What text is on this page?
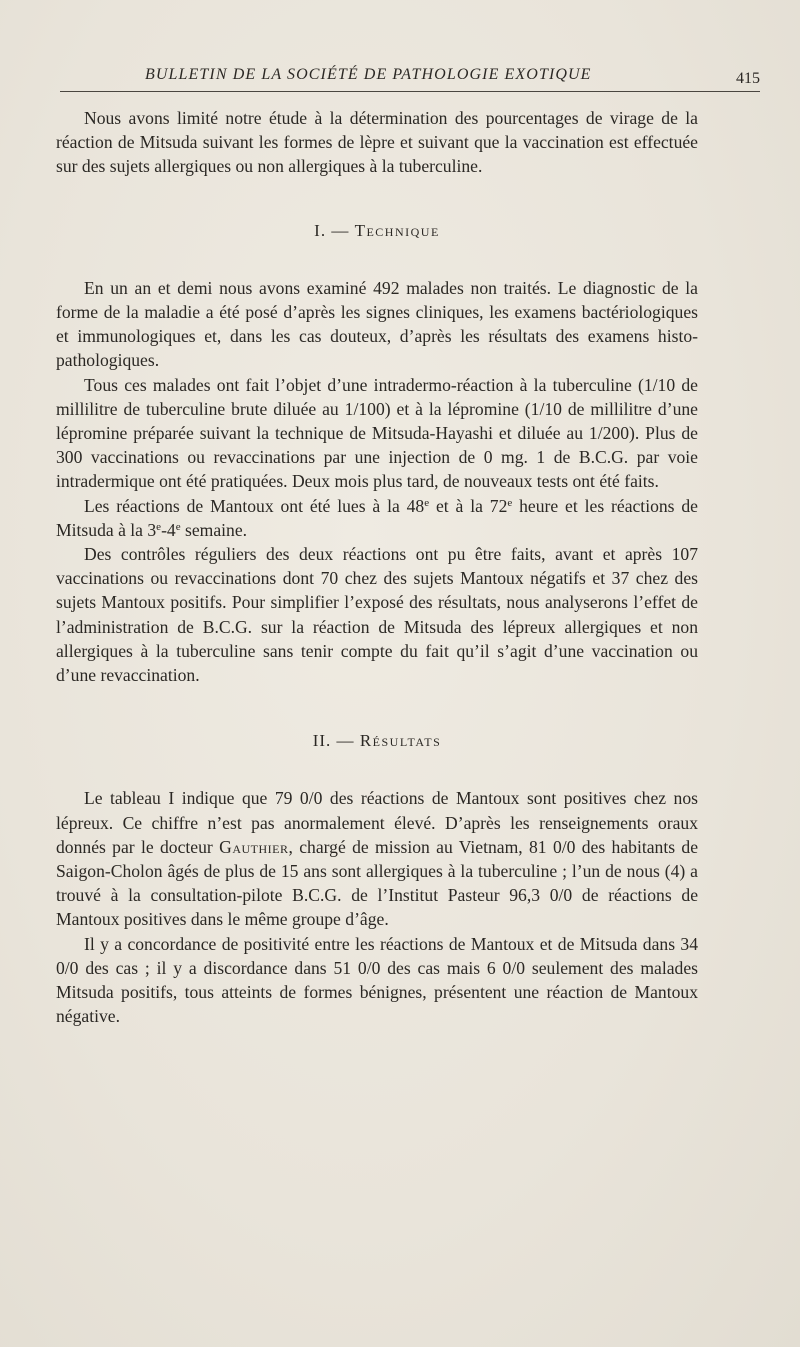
BULLETIN DE LA SOCIÉTÉ DE PATHOLOGIE EXOTIQUE	415

Nous avons limité notre étude à la détermination des pourcentages de virage de la réaction de Mitsuda suivant les formes de lèpre et suivant que la vaccination est effectuée sur des sujets allergiques ou non allergiques à la tuberculine.

I. — Technique

En un an et demi nous avons examiné 492 malades non traités. Le diagnostic de la forme de la maladie a été posé d’après les signes cliniques, les examens bactériologiques et immunologiques et, dans les cas douteux, d’après les résultats des examens histo-pathologiques.

Tous ces malades ont fait l’objet d’une intradermo-réaction à la tuberculine (1/10 de millilitre de tuberculine brute diluée au 1/100) et à la lépromine (1/10 de millilitre d’une lépromine préparée suivant la technique de Mitsuda-Hayashi et diluée au 1/200). Plus de 300 vaccinations ou revaccinations par une injection de 0 mg. 1 de B.C.G. par voie intradermique ont été pratiquées. Deux mois plus tard, de nouveaux tests ont été faits.

Les réactions de Mantoux ont été lues à la 48e et à la 72e heure et les réactions de Mitsuda à la 3e-4e semaine.

Des contrôles réguliers des deux réactions ont pu être faits, avant et après 107 vaccinations ou revaccinations dont 70 chez des sujets Mantoux négatifs et 37 chez des sujets Mantoux positifs. Pour simplifier l’exposé des résultats, nous analyserons l’effet de l’administration de B.C.G. sur la réaction de Mitsuda des lépreux allergiques et non allergiques à la tuberculine sans tenir compte du fait qu’il s’agit d’une vaccination ou d’une revaccination.

II. — Résultats

Le tableau I indique que 79 0/0 des réactions de Mantoux sont positives chez nos lépreux. Ce chiffre n’est pas anormalement élevé. D’après les renseignements oraux donnés par le docteur Gauthier, chargé de mission au Vietnam, 81 0/0 des habitants de Saigon-Cholon âgés de plus de 15 ans sont allergiques à la tuberculine ; l’un de nous (4) a trouvé à la consultation-pilote B.C.G. de l’Institut Pasteur 96,3 0/0 de réactions de Mantoux positives dans le même groupe d’âge.

Il y a concordance de positivité entre les réactions de Mantoux et de Mitsuda dans 34 0/0 des cas ; il y a discordance dans 51 0/0 des cas mais 6 0/0 seulement des malades Mitsuda positifs, tous atteints de formes bénignes, présentent une réaction de Mantoux négative.
